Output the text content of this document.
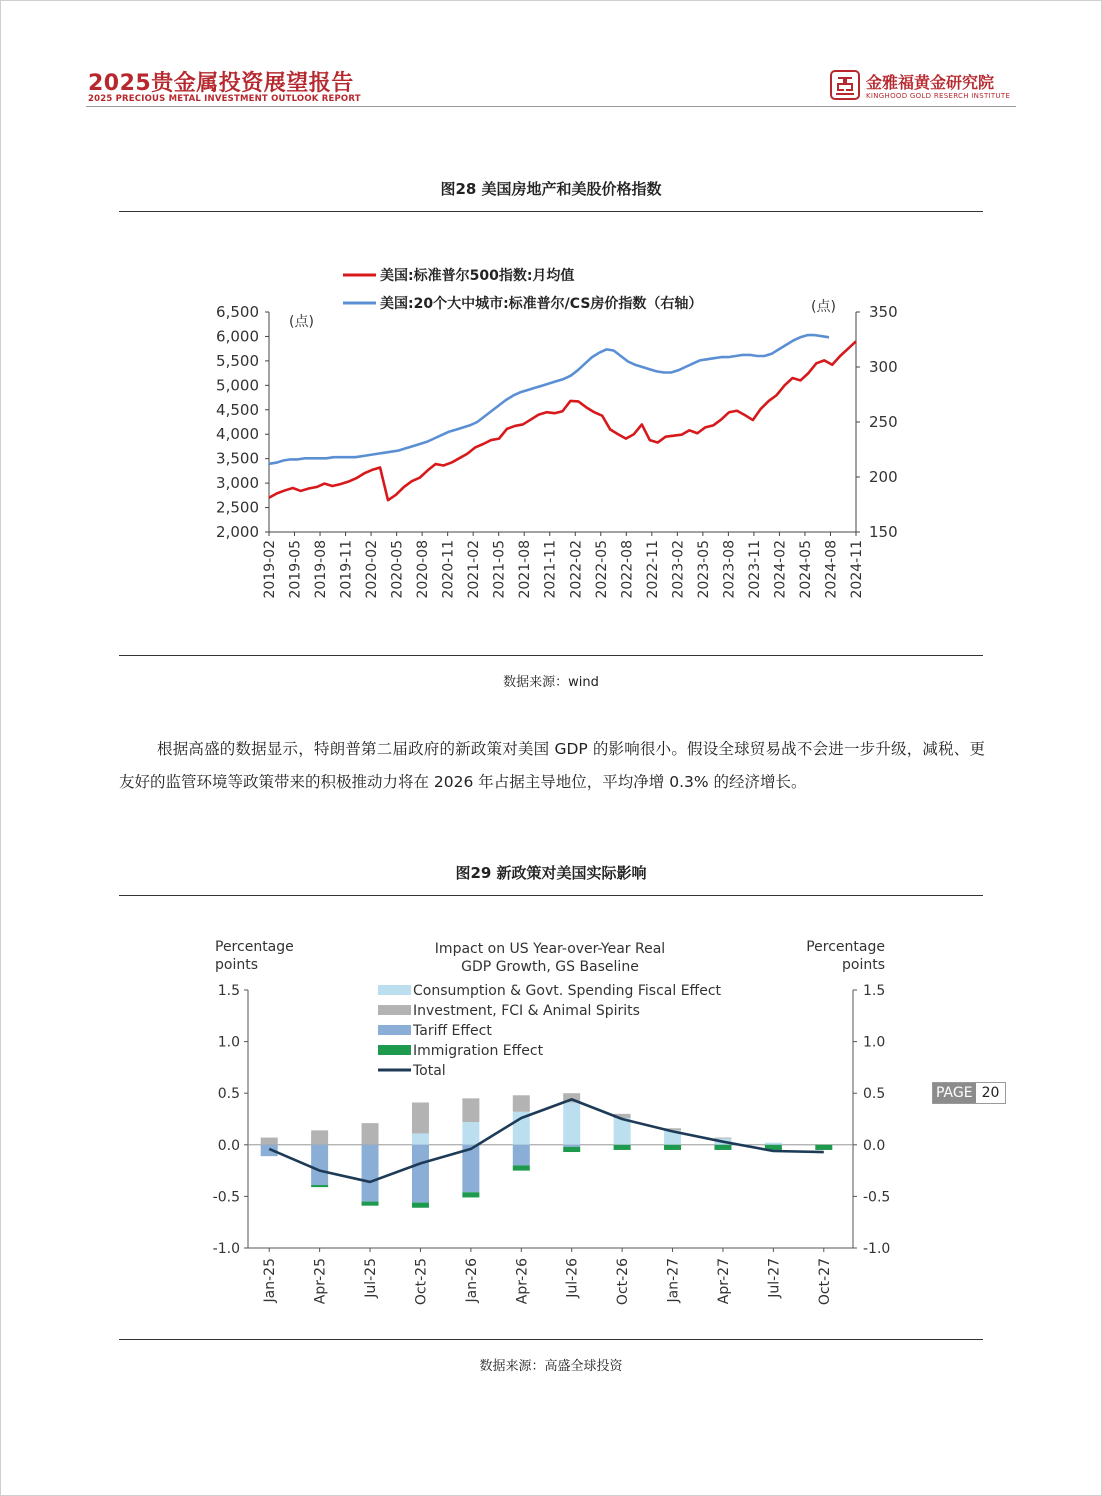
2025贵金属投资展望报告
2025 PRECIOUS METAL INVESTMENT OUTLOOK REPORT
金雅福黄金研究院
KINGHOOD GOLD RESERCH INSTITUTE
图28 美国房地产和美股价格指数
美国:标准普尔500指数:月均值
美国:20个大中城市:标准普尔/CS房价指数（右轴）
(点)
(点)
2,000
2,500
3,000
3,500
4,000
4,500
5,000
5,500
6,000
6,500
150
200
250
300
350
2019-02 2019-05 2019-08 2019-11 2020-02 2020-05 2020-08 2020-11 2021-02 2021-05 2021-08 2021-11 2022-02 2022-05 2022-08 2022-11 2023-02 2023-05 2023-08 2023-11 2024-02 2024-05 2024-08 2024-11
数据来源：wind
根据高盛的数据显示，特朗普第二届政府的新政策对美国 GDP 的影响很小。假设全球贸易战不会进一步升级，减税、更友好的监管环境等政策带来的积极推动力将在 2026 年占据主导地位，平均净增 0.3% 的经济增长。
图29 新政策对美国实际影响
Impact on US Year-over-Year Real
GDP Growth, GS Baseline
Percentage
points
Percentage
points
Consumption & Govt. Spending Fiscal Effect
Investment, FCI & Animal Spirits
Tariff Effect
Immigration Effect
Total
1.5	1.5
1.0	1.0
0.5	0.5
0.0	0.0
-0.5	-0.5
-1.0	-1.0
Jan-25 Apr-25 Jul-25 Oct-25 Jan-26 Apr-26 Jul-26 Oct-26 Jan-27 Apr-27 Jul-27 Oct-27
数据来源：高盛全球投资
PAGE 20
